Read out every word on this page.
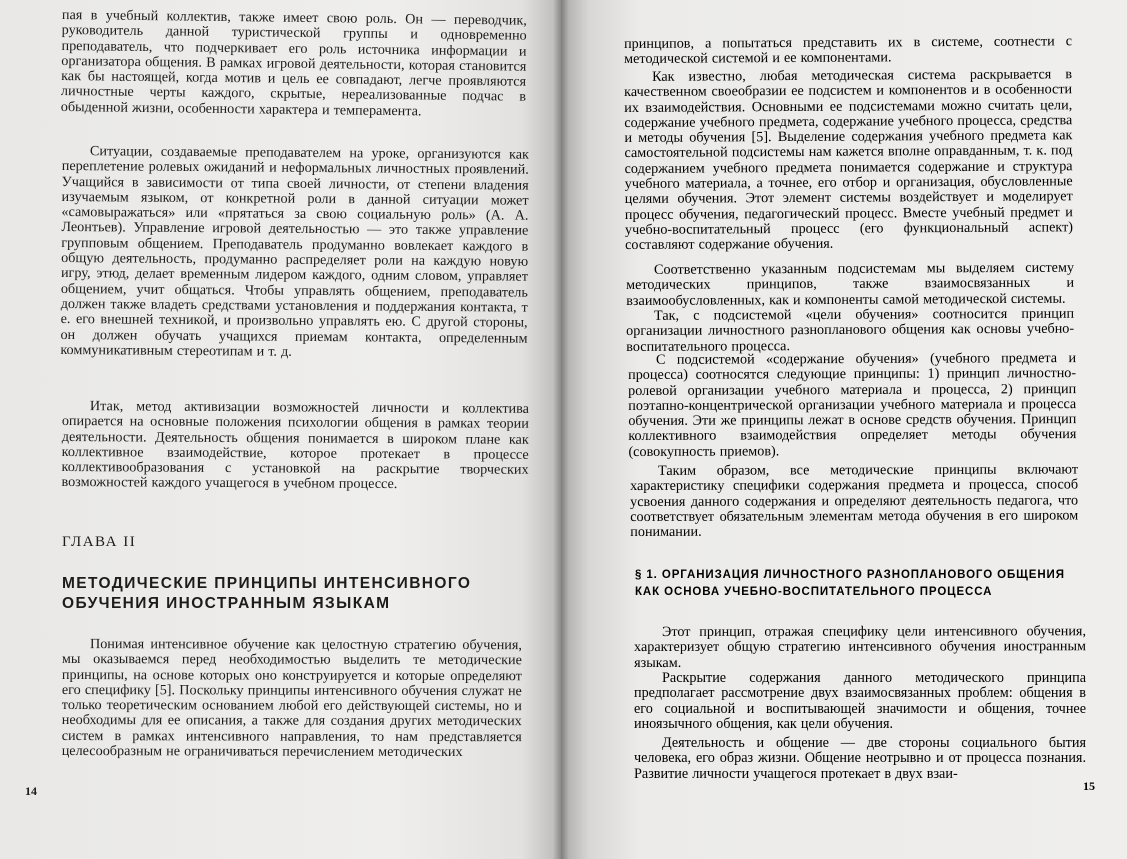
пая в учебный коллектив, также имеет свою роль. Он — переводчик, руководитель данной туристической группы и одновременно преподаватель, что подчеркивает его роль источника информации и организатора общения. В рамках игровой деятельности, которая становится как бы настоящей, когда мотив и цель ее совпадают, легче проявляются личностные черты каждого, скрытые, нереализованные подчас в обыденной жизни, особенности характера и темперамента.

Ситуации, создаваемые преподавателем на уроке, организуются как переплетение ролевых ожиданий и неформальных личностных проявлений. Учащийся в зависимости от типа своей личности, от степени владения изучаемым языком, от конкретной роли в данной ситуации может «самовыражаться» или «прятаться за свою социальную роль» (А. А. Леонтьев). Управление игровой деятельностью — это также управление групповым общением. Преподаватель продуманно вовлекает каждого в общую деятельность, продуманно распределяет роли на каждую новую игру, этюд, делает временным лидером каждого, одним словом, управляет общением, учит общаться. Чтобы управлять общением, преподаватель должен также владеть средствами установления и поддержания контакта, т е. его внешней техникой, и произвольно управлять ею. С другой стороны, он должен обучать учащихся приемам контакта, определенным коммуникативным стереотипам и т. д.

Итак, метод активизации возможностей личности и коллектива опирается на основные положения психологии общения в рамках теории деятельности. Деятельность общения понимается в широком плане как коллективное взаимодействие, которое протекает в процессе коллективообразования с установкой на раскрытие творческих возможностей каждого учащегося в учебном процессе.

ГЛАВА II

МЕТОДИЧЕСКИЕ ПРИНЦИПЫ ИНТЕНСИВНОГО ОБУЧЕНИЯ ИНОСТРАННЫМ ЯЗЫКАМ

Понимая интенсивное обучение как целостную стратегию обучения, мы оказываемся перед необходимостью выделить те методические принципы, на основе которых оно конструируется и которые определяют его специфику [5]. Поскольку принципы интенсивного обучения служат не только теоретическим основанием любой его действующей системы, но и необходимы для ее описания, а также для создания других методических систем в рамках интенсивного направления, то нам представляется целесообразным не ограничиваться перечислением методических

14

принципов, а попытаться представить их в системе, соотнести с методической системой и ее компонентами.

Как известно, любая методическая система раскрывается в качественном своеобразии ее подсистем и компонентов и в особенности их взаимодействия. Основными ее подсистемами можно считать цели, содержание учебного предмета, содержание учебного процесса, средства и методы обучения [5]. Выделение содержания учебного предмета как самостоятельной подсистемы нам кажется вполне оправданным, т. к. под содержанием учебного предмета понимается содержание и структура учебного материала, а точнее, его отбор и организация, обусловленные целями обучения. Этот элемент системы воздействует и моделирует процесс обучения, педагогический процесс. Вместе учебный предмет и учебно-воспитательный процесс (его функциональный аспект) составляют содержание обучения.

Соответственно указанным подсистемам мы выделяем систему методических принципов, также взаимосвязанных и взаимообусловленных, как и компоненты самой методической системы.

Так, с подсистемой «цели обучения» соотносится принцип организации личностного разнопланового общения как основы учебно-воспитательного процесса.

С подсистемой «содержание обучения» (учебного предмета и процесса) соотносятся следующие принципы: 1) принцип личностно-ролевой организации учебного материала и процесса, 2) принцип поэтапно-концентрической организации учебного материала и процесса обучения. Эти же принципы лежат в основе средств обучения. Принцип коллективного взаимодействия определяет методы обучения (совокупность приемов).

Таким образом, все методические принципы включают характеристику специфики содержания предмета и процесса, способ усвоения данного содержания и определяют деятельность педагога, что соответствует обязательным элементам метода обучения в его широком понимании.

§ 1. ОРГАНИЗАЦИЯ ЛИЧНОСТНОГО РАЗНОПЛАНОВОГО ОБЩЕНИЯ КАК ОСНОВА УЧЕБНО-ВОСПИТАТЕЛЬНОГО ПРОЦЕССА

Этот принцип, отражая специфику цели интенсивного обучения, характеризует общую стратегию интенсивного обучения иностранным языкам.

Раскрытие содержания данного методического принципа предполагает рассмотрение двух взаимосвязанных проблем: общения в его социальной и воспитывающей значимости и общения, точнее иноязычного общения, как цели обучения.

Деятельность и общение — две стороны социального бытия человека, его образ жизни. Общение неотрывно и от процесса познания. Развитие личности учащегося протекает в двух взаи-

15
